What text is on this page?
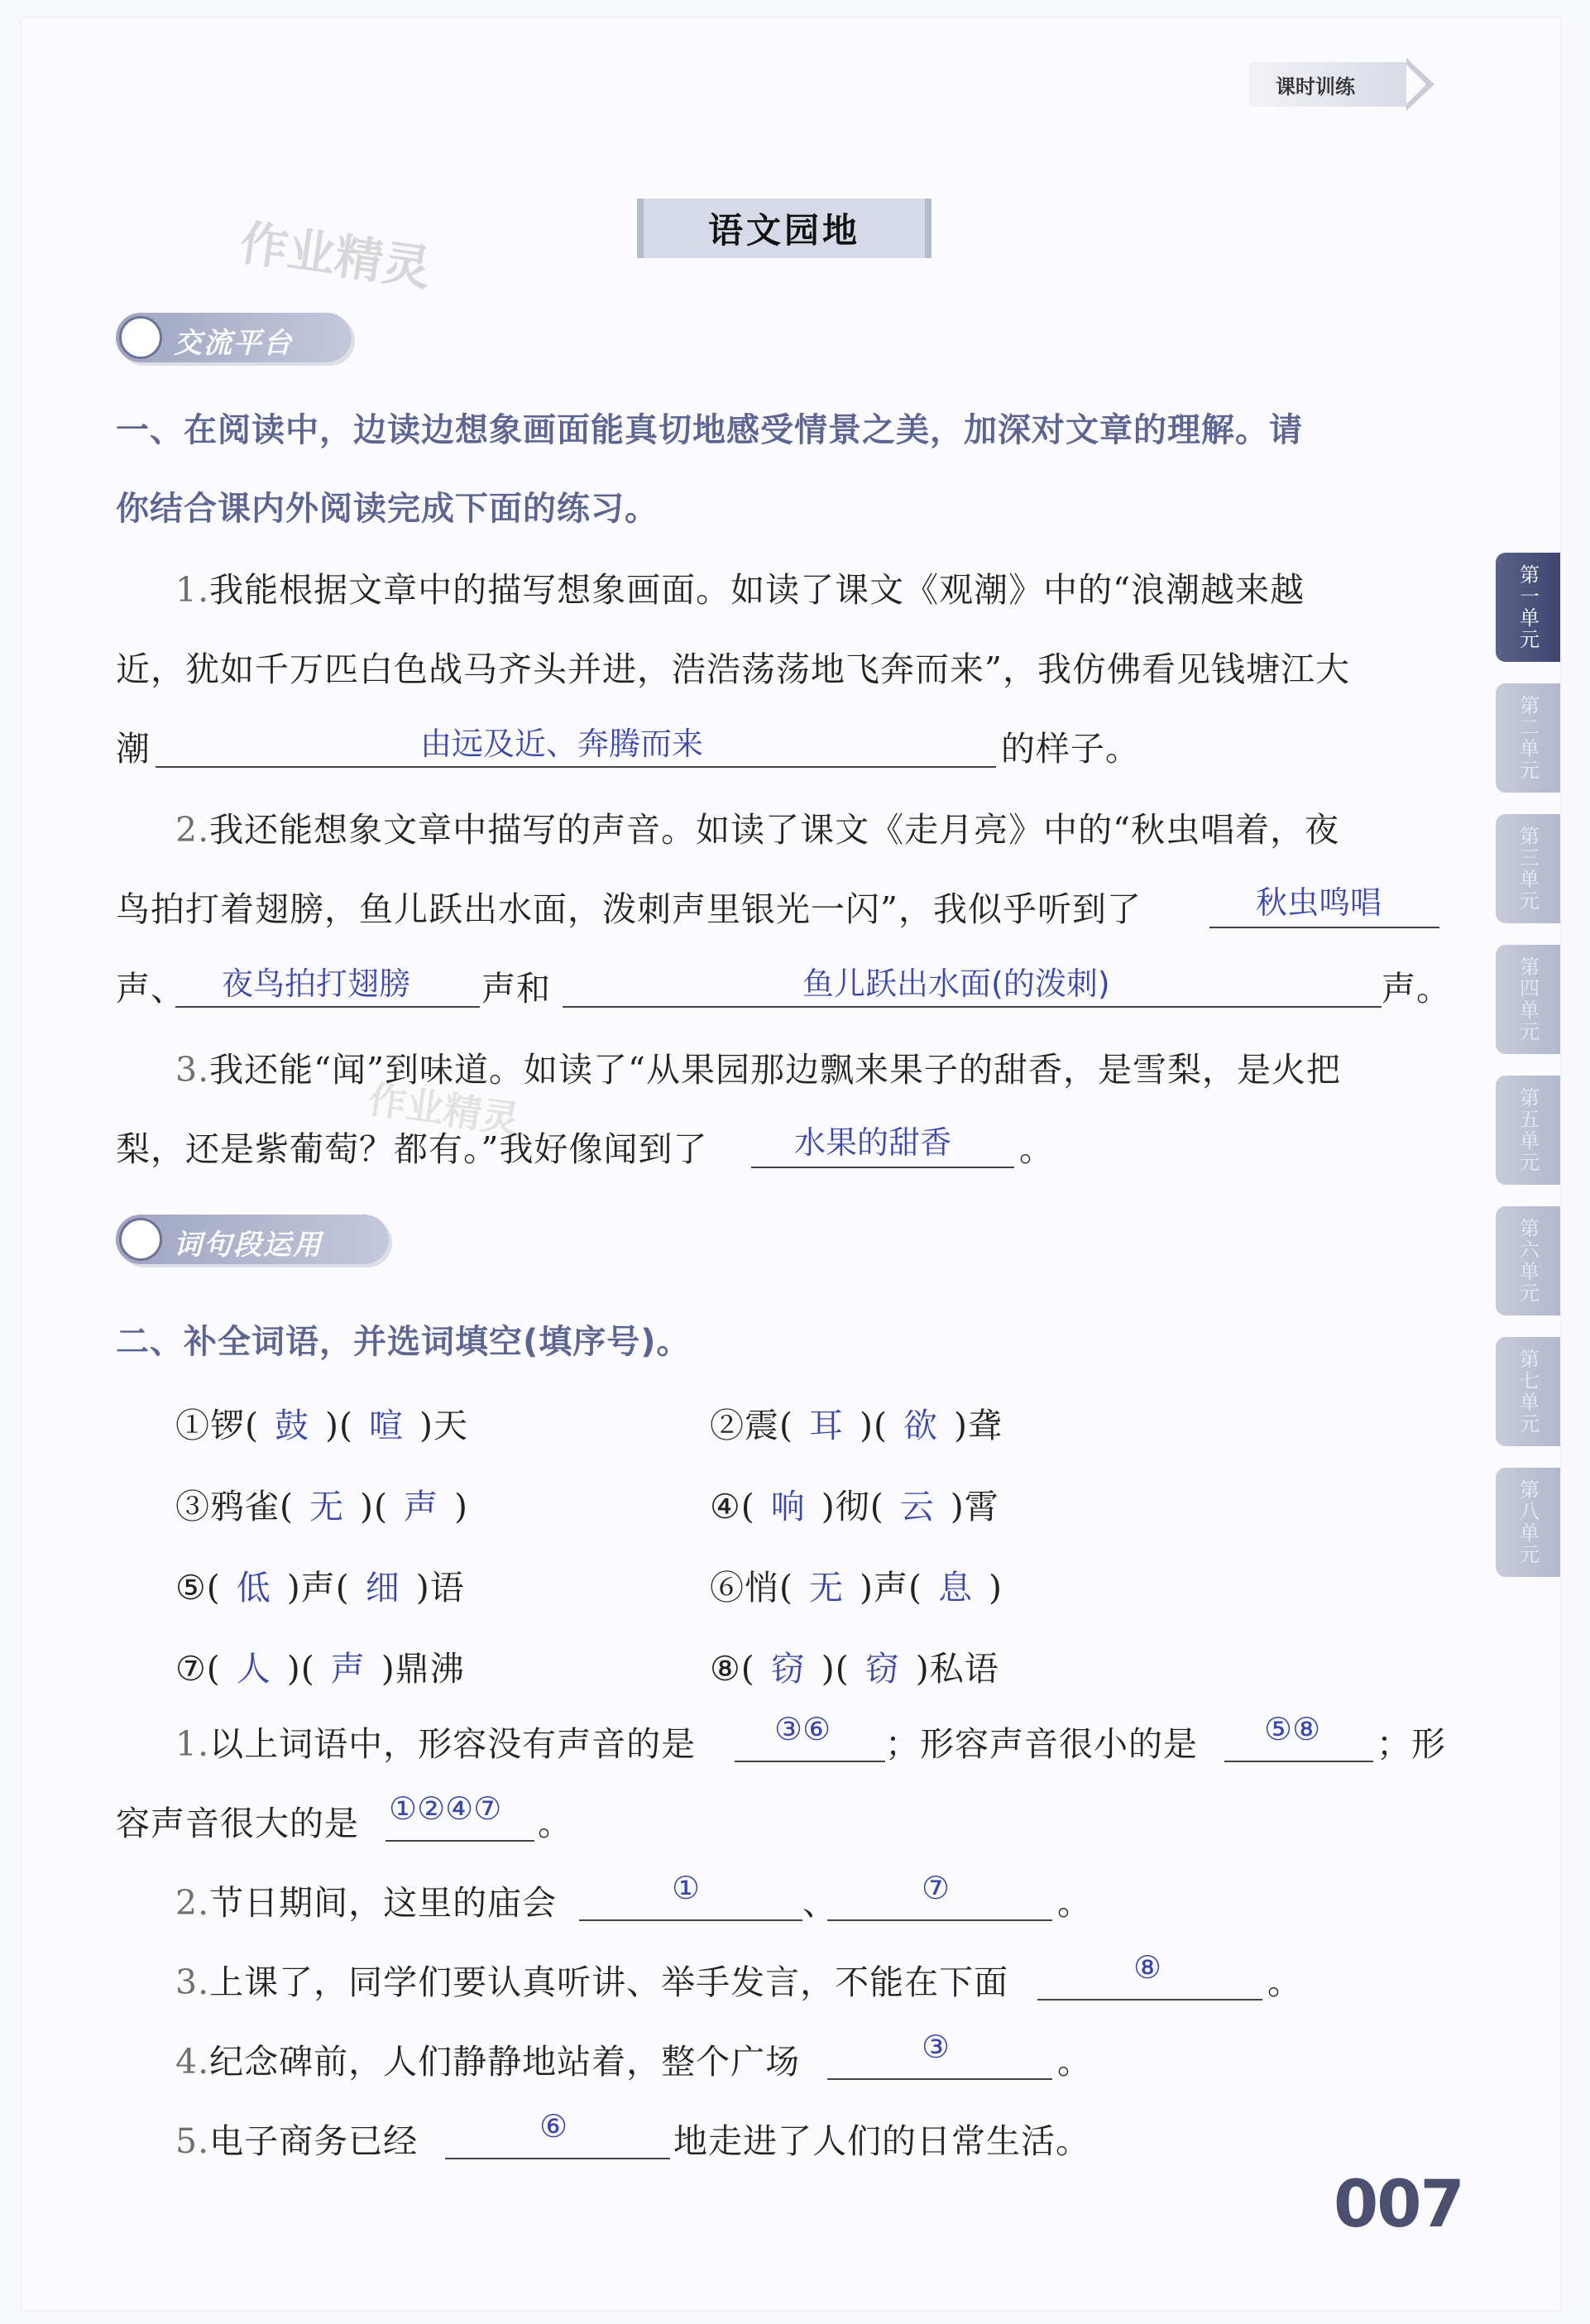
课时训练
语文园地
作业精灵
作业精灵
交流平台
一、在阅读中，边读边想象画面能真切地感受情景之美，加深对文章的理解。请
你结合课内外阅读完成下面的练习。
1.我能根据文章中的描写想象画面。如读了课文《观潮》中的“浪潮越来越
近，犹如千万匹白色战马齐头并进，浩浩荡荡地飞奔而来”，我仿佛看见钱塘江大
潮	由远及近、奔腾而来	的样子。
2.我还能想象文章中描写的声音。如读了课文《走月亮》中的“秋虫唱着，夜
鸟拍打着翅膀，鱼儿跃出水面，泼刺声里银光一闪”，我似乎听到了	秋虫鸣唱
声、 夜鸟拍打翅膀 声和	鱼儿跃出水面(的泼刺)	声。
3.我还能“闻”到味道。如读了“从果园那边飘来果子的甜香，是雪梨，是火把
梨，还是紫葡萄？都有。”我好像闻到了	水果的甜香 。
词句段运用
二、补全词语，并选词填空(填序号)。
①锣( 鼓 )( 喧 )天	②震( 耳 )( 欲 )聋
③鸦雀( 无 )( 声 )	④( 响 )彻( 云 )霄
⑤( 低 )声( 细 )语	⑥悄( 无 )声( 息 )
⑦( 人 )( 声 )鼎沸	⑧( 窃 )( 窃 )私语
1.以上词语中，形容没有声音的是 ③⑥ ；形容声音很小的是 ⑤⑧ ；形
容声音很大的是 ①②④⑦ 。
2.节日期间，这里的庙会	①	、	⑦	。
3.上课了，同学们要认真听讲、举手发言，不能在下面	⑧	。
4.纪念碑前，人们静静地站着，整个广场	③	。
5.电子商务已经	⑥	地走进了人们的日常生活。
第一单元
第二单元
第三单元
第四单元
第五单元
第六单元
第七单元
第八单元
007
